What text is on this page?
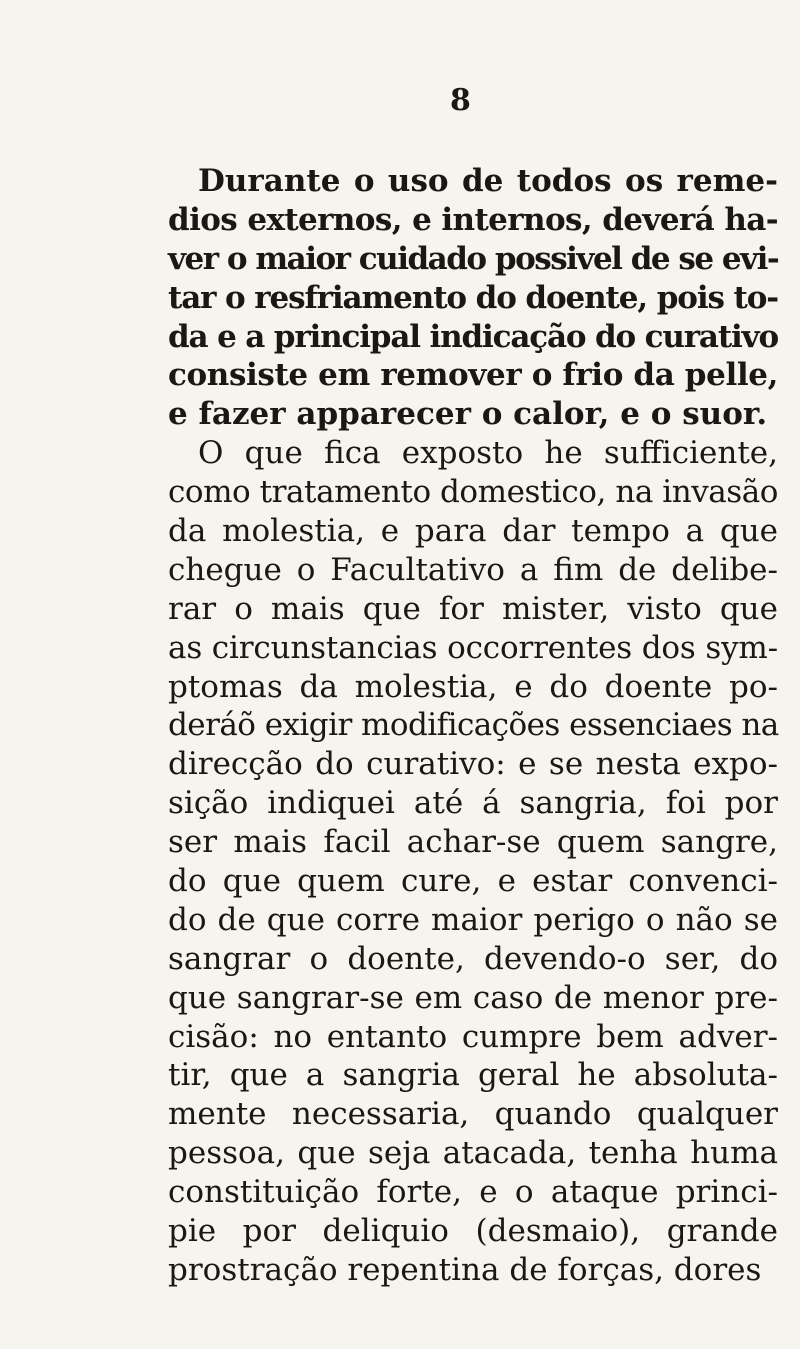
8
Durante o uso de todos os reme-
dios externos, e internos, deverá ha-
ver o maior cuidado possivel de se evi-
tar o resfriamento do doente, pois to-
da e a principal indicação do curativo
consiste em remover o frio da pelle,
e fazer apparecer o calor, e o suor.
O que fica exposto he sufficiente,
como tratamento domestico, na invasão
da molestia, e para dar tempo a que
chegue o Facultativo a fim de delibe-
rar o mais que for mister, visto que
as circunstancias occorrentes dos sym-
ptomas da molestia, e do doente po-
deráõ exigir modificações essenciaes na
direcção do curativo: e se nesta expo-
sição indiquei até á sangria, foi por
ser mais facil achar-se quem sangre,
do que quem cure, e estar convenci-
do de que corre maior perigo o não se
sangrar o doente, devendo-o ser, do
que sangrar-se em caso de menor pre-
cisão: no entanto cumpre bem adver-
tir, que a sangria geral he absoluta-
mente necessaria, quando qualquer
pessoa, que seja atacada, tenha huma
constituição forte, e o ataque princi-
pie por deliquio (desmaio), grande
prostração repentina de forças, dores
